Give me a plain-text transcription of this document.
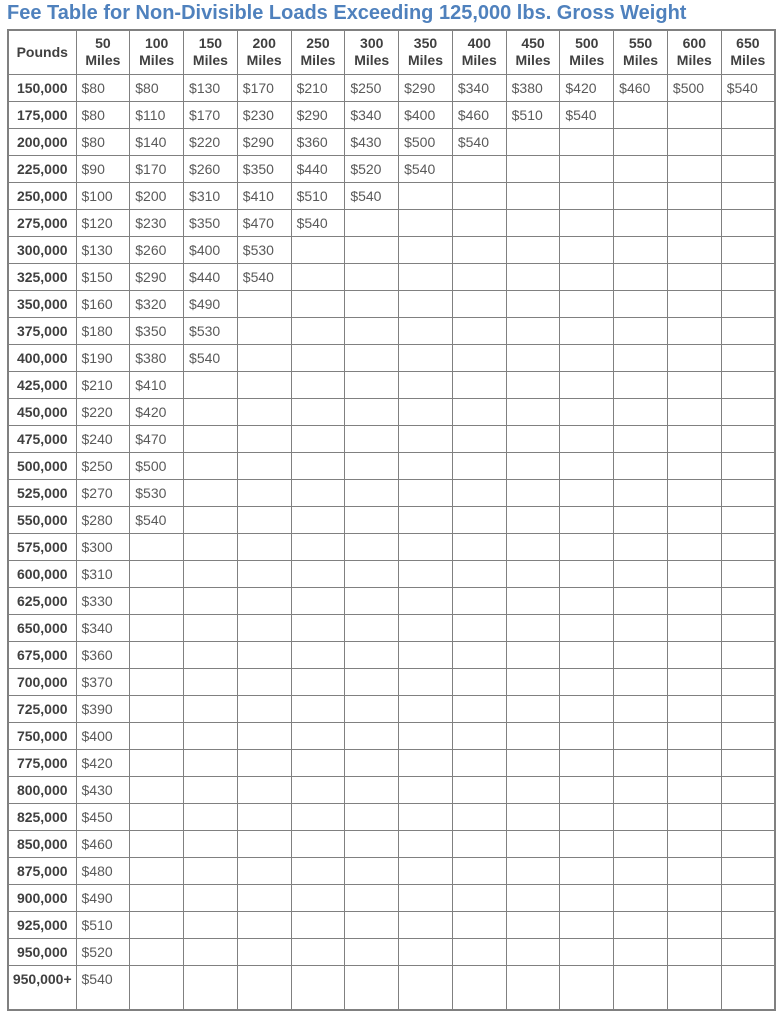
Fee Table for Non-Divisible Loads Exceeding 125,000 lbs. Gross Weight
Pounds	50 Miles	100 Miles	150 Miles	200 Miles	250 Miles	300 Miles	350 Miles	400 Miles	450 Miles	500 Miles	550 Miles	600 Miles	650 Miles
150,000	$80	$80	$130	$170	$210	$250	$290	$340	$380	$420	$460	$500	$540
175,000	$80	$110	$170	$230	$290	$340	$400	$460	$510	$540			
200,000	$80	$140	$220	$290	$360	$430	$500	$540					
225,000	$90	$170	$260	$350	$440	$520	$540						
250,000	$100	$200	$310	$410	$510	$540							
275,000	$120	$230	$350	$470	$540								
300,000	$130	$260	$400	$530									
325,000	$150	$290	$440	$540									
350,000	$160	$320	$490										
375,000	$180	$350	$530										
400,000	$190	$380	$540										
425,000	$210	$410											
450,000	$220	$420											
475,000	$240	$470											
500,000	$250	$500											
525,000	$270	$530											
550,000	$280	$540											
575,000	$300												
600,000	$310												
625,000	$330												
650,000	$340												
675,000	$360												
700,000	$370												
725,000	$390												
750,000	$400												
775,000	$420												
800,000	$430												
825,000	$450												
850,000	$460												
875,000	$480												
900,000	$490												
925,000	$510												
950,000	$520												
950,000+	$540												
